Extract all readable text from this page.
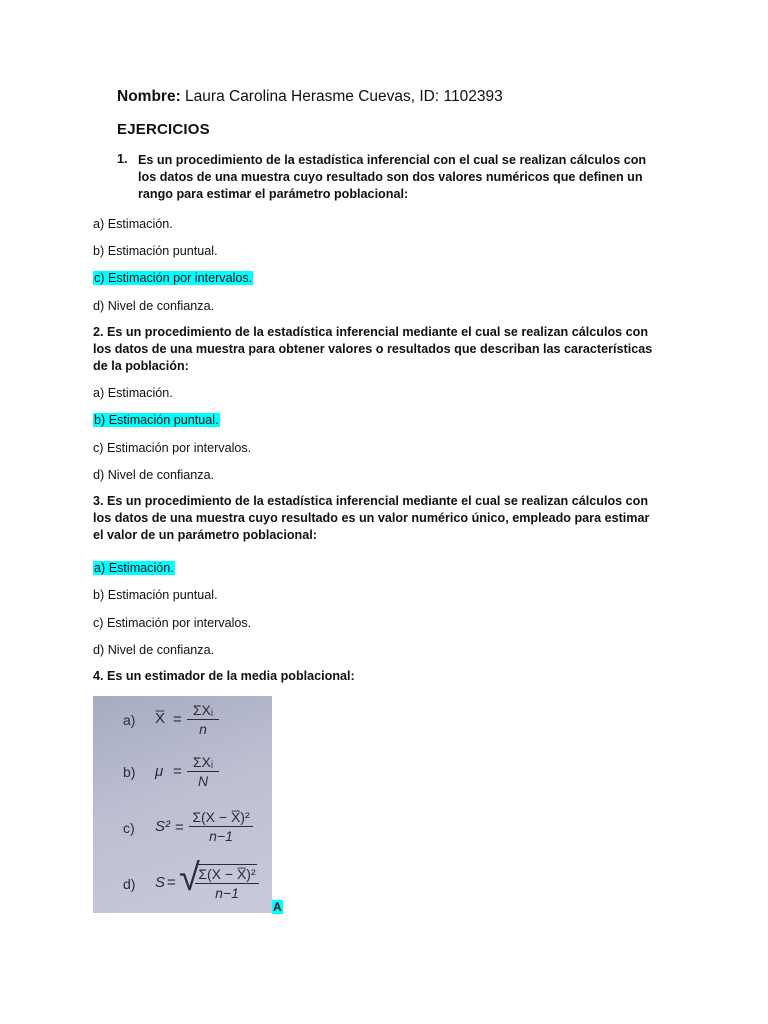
Nombre: Laura Carolina Herasme Cuevas, ID: 1102393
EJERCICIOS
1. Es un procedimiento de la estadística inferencial con el cual se realizan cálculos con los datos de una muestra cuyo resultado son dos valores numéricos que definen un rango para estimar el parámetro poblacional:
a) Estimación.
b) Estimación puntual.
c) Estimación por intervalos.
d) Nivel de confianza.
2. Es un procedimiento de la estadística inferencial mediante el cual se realizan cálculos con los datos de una muestra para obtener valores o resultados que describan las características de la población:
a) Estimación.
b) Estimación puntual.
c) Estimación por intervalos.
d) Nivel de confianza.
3. Es un procedimiento de la estadística inferencial mediante el cual se realizan cálculos con los datos de una muestra cuyo resultado es un valor numérico único, empleado para estimar el valor de un parámetro poblacional:
a) Estimación.
b) Estimación puntual.
c) Estimación por intervalos.
d) Nivel de confianza.
4. Es un estimador de la media poblacional:
a) X̅ =
ΣXᵢ
n
b) μ =
ΣXᵢ
N
c) S² =
Σ(X − X̅)²
n−1
d) S = √
Σ(X − X̅)²
n−1
A
